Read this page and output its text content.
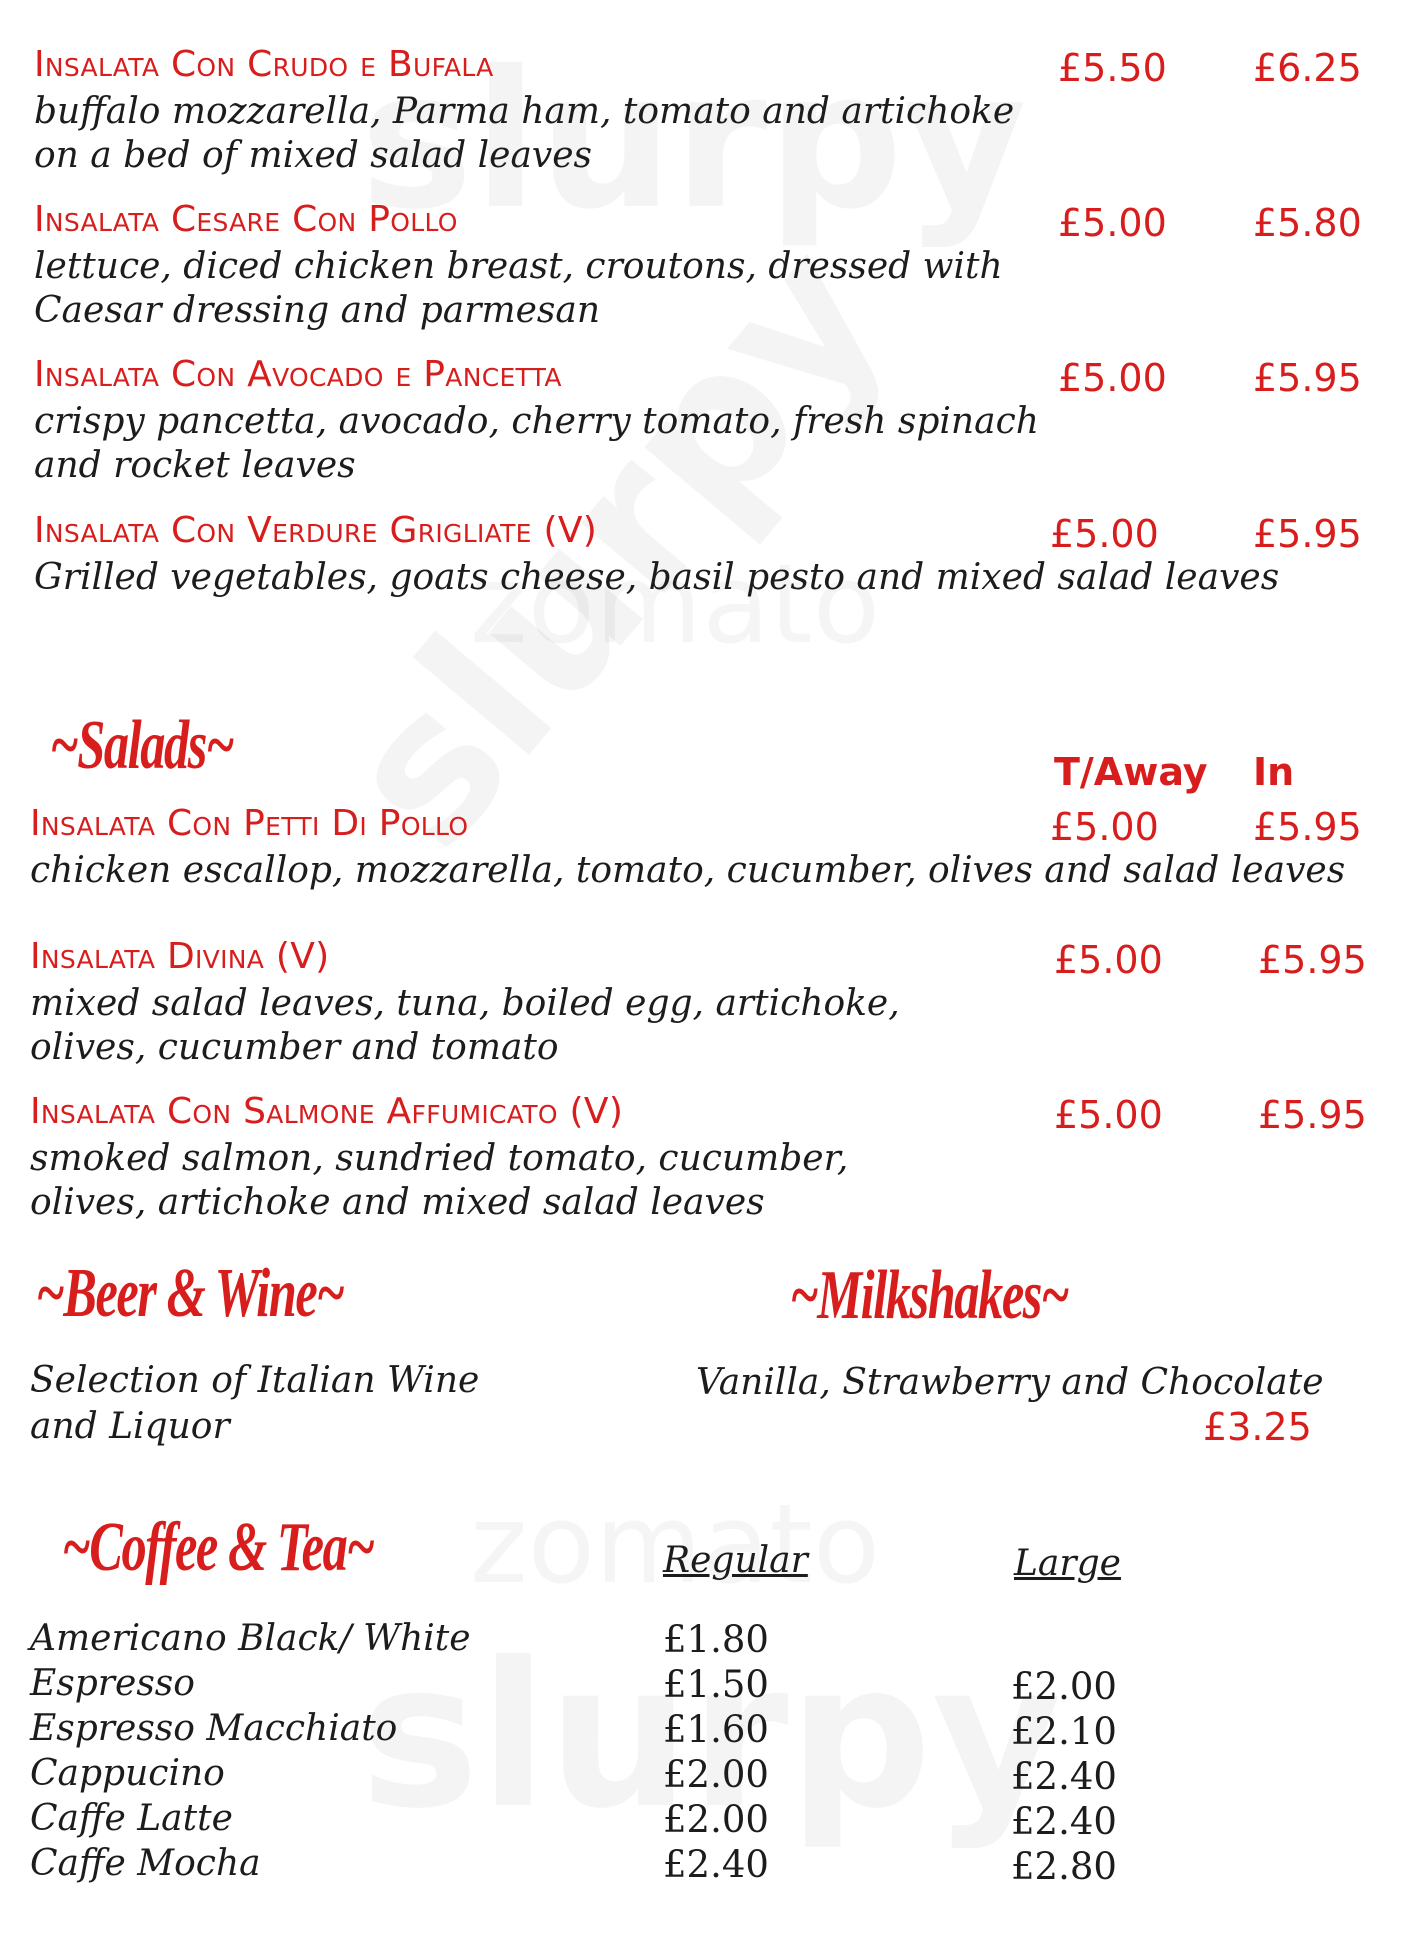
Insalata Con Crudo e Bufala	£5.50 £6.25
buffalo mozzarella, Parma ham, tomato and artichoke
on a bed of mixed salad leaves
Insalata Cesare Con Pollo	£5.00 £5.80
lettuce, diced chicken breast, croutons, dressed with
Caesar dressing and parmesan
Insalata Con Avocado e Pancetta	£5.00 £5.95
crispy pancetta, avocado, cherry tomato, fresh spinach
and rocket leaves
Insalata Con Verdure Grigliate (V)	£5.00 £5.95
Grilled vegetables, goats cheese, basil pesto and mixed salad leaves
~Salads~	T/Away In
Insalata Con Petti Di Pollo	£5.00 £5.95
chicken escallop, mozzarella, tomato, cucumber, olives and salad leaves
Insalata Divina (V)	£5.00	£5.95
mixed salad leaves, tuna, boiled egg, artichoke,
olives, cucumber and tomato
Insalata Con Salmone Affumicato (V)	£5.00	£5.95
smoked salmon, sundried tomato, cucumber,
olives, artichoke and mixed salad leaves
~Beer & Wine~
Selection of Italian Wine
and Liquor
~Milkshakes~
Vanilla, Strawberry and Chocolate
£3.25
~Coffee & Tea~	Regular	Large
Americano Black/ White	£1.80
Espresso	£1.50	£2.00
Espresso Macchiato	£1.60	£2.10
Cappucino	£2.00	£2.40
Caffe Latte	£2.00	£2.40
Caffe Mocha	£2.40	£2.80
